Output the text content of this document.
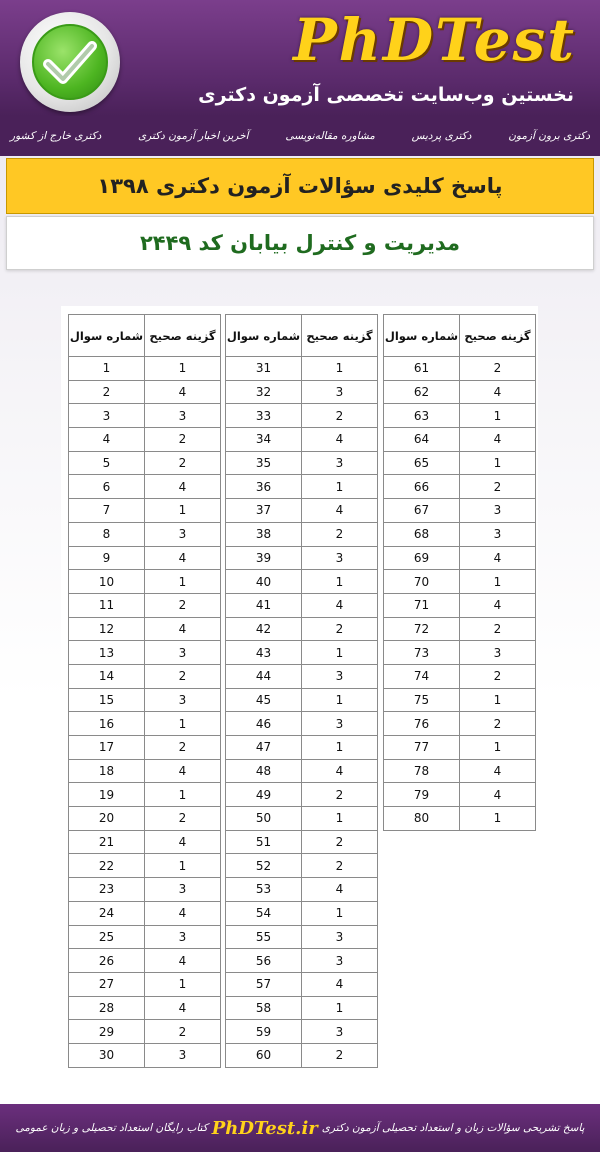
PhDTest
نخستین وب‌سایت تخصصی آزمون دکتری
دکتری برون آزمون
دکتری پردیس
مشاوره مقاله‌نویسی
آخرین اخبار آزمون دکتری
دکتری خارج از کشور
پاسخ کلیدی سؤالات آزمون دکتری ۱۳۹۸
مدیریت و کنترل بیابان کد ۲۴۴۹
شماره سوال	گزینه صحیح
1	1
2	4
3	3
4	2
5	2
6	4
7	1
8	3
9	4
10	1
11	2
12	4
13	3
14	2
15	3
16	1
17	2
18	4
19	1
20	2
21	4
22	1
23	3
24	4
25	3
26	4
27	1
28	4
29	2
30	3
شماره سوال	گزینه صحیح
31	1
32	3
33	2
34	4
35	3
36	1
37	4
38	2
39	3
40	1
41	4
42	2
43	1
44	3
45	1
46	3
47	1
48	4
49	2
50	1
51	2
52	2
53	4
54	1
55	3
56	3
57	4
58	1
59	3
60	2
شماره سوال	گزینه صحیح
61	2
62	4
63	1
64	4
65	1
66	2
67	3
68	3
69	4
70	1
71	4
72	2
73	3
74	2
75	1
76	2
77	1
78	4
79	4
80	1
پاسخ تشریحی سؤالات زبان و استعداد تحصیلی آزمون دکتری
PhDTest.ir
کتاب رایگان استعداد تحصیلی و زبان عمومی
